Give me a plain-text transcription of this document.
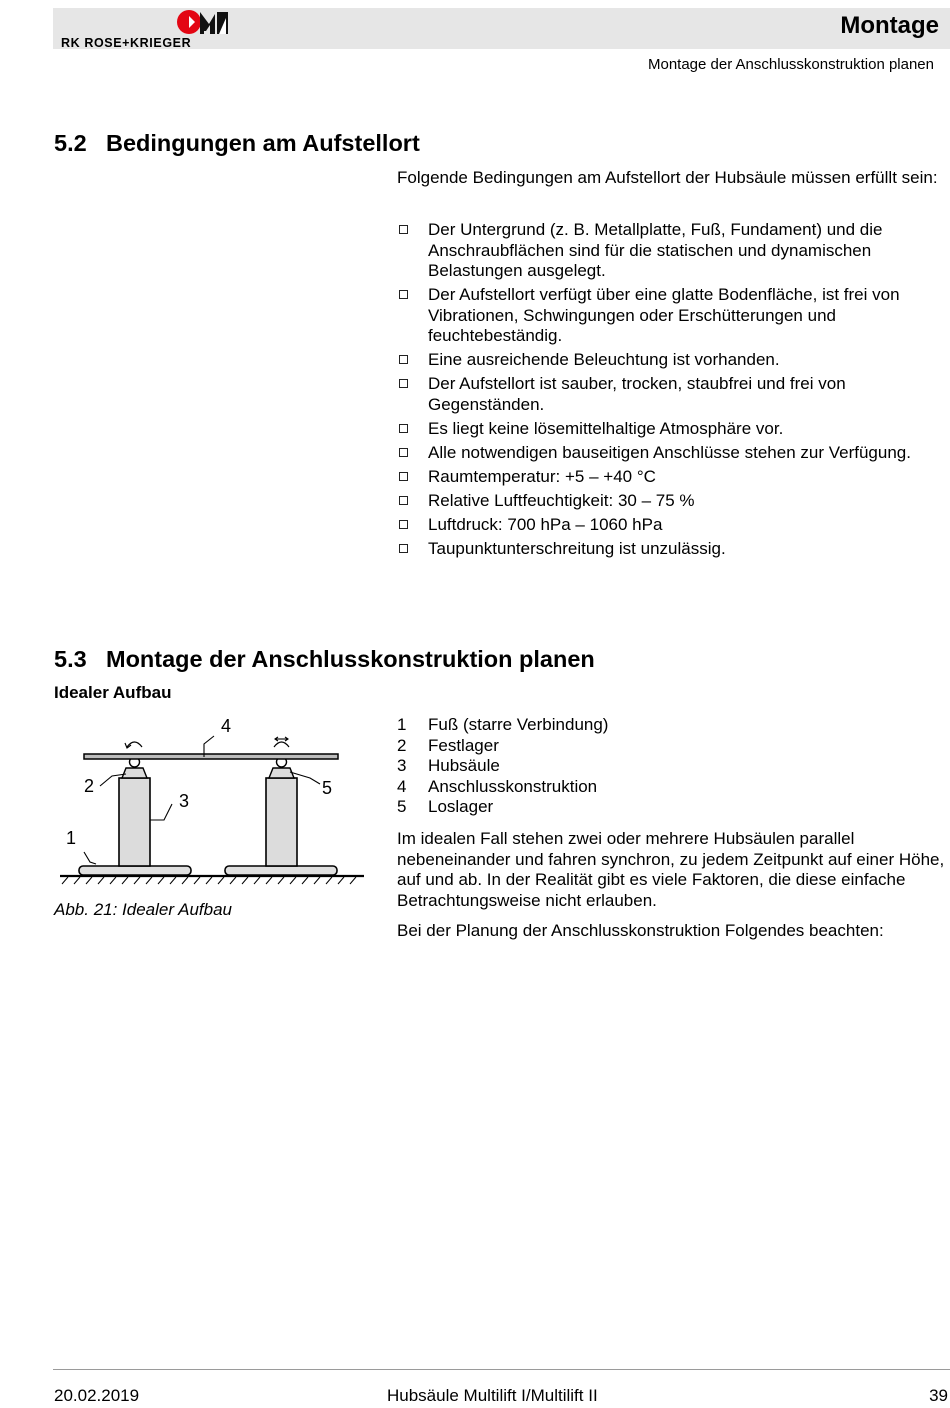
RK ROSE+KRIEGER
Montage
Montage der Anschlusskonstruktion planen
5.2 Bedingungen am Aufstellort
Folgende Bedingungen am Aufstellort der Hubsäule müssen erfüllt sein:
Der Untergrund (z. B. Metallplatte, Fuß, Fundament) und die Anschraubflächen sind für die statischen und dynamischen Belastungen ausgelegt.
Der Aufstellort verfügt über eine glatte Bodenfläche, ist frei von Vibrationen, Schwingungen oder Erschütterungen und feuchtebeständig.
Eine ausreichende Beleuchtung ist vorhanden.
Der Aufstellort ist sauber, trocken, staubfrei und frei von Gegenständen.
Es liegt keine lösemittelhaltige Atmosphäre vor.
Alle notwendigen bauseitigen Anschlüsse stehen zur Verfügung.
Raumtemperatur: +5 – +40 °C
Relative Luftfeuchtigkeit: 30 – 75 %
Luftdruck: 700 hPa – 1060 hPa
Taupunktunterschreitung ist unzulässig.
5.3 Montage der Anschlusskonstruktion planen
Idealer Aufbau
1
2
3
4
5
Abb. 21: Idealer Aufbau
1	Fuß (starre Verbindung)
2	Festlager
3	Hubsäule
4	Anschlusskonstruktion
5	Loslager
Im idealen Fall stehen zwei oder mehrere Hubsäulen parallel nebeneinander und fahren synchron, zu jedem Zeitpunkt auf einer Höhe, auf und ab. In der Realität gibt es viele Faktoren, die diese einfache Betrachtungsweise nicht erlauben.
Bei der Planung der Anschlusskonstruktion Folgendes beachten:
20.02.2019	Hubsäule Multilift I/Multilift II	39
